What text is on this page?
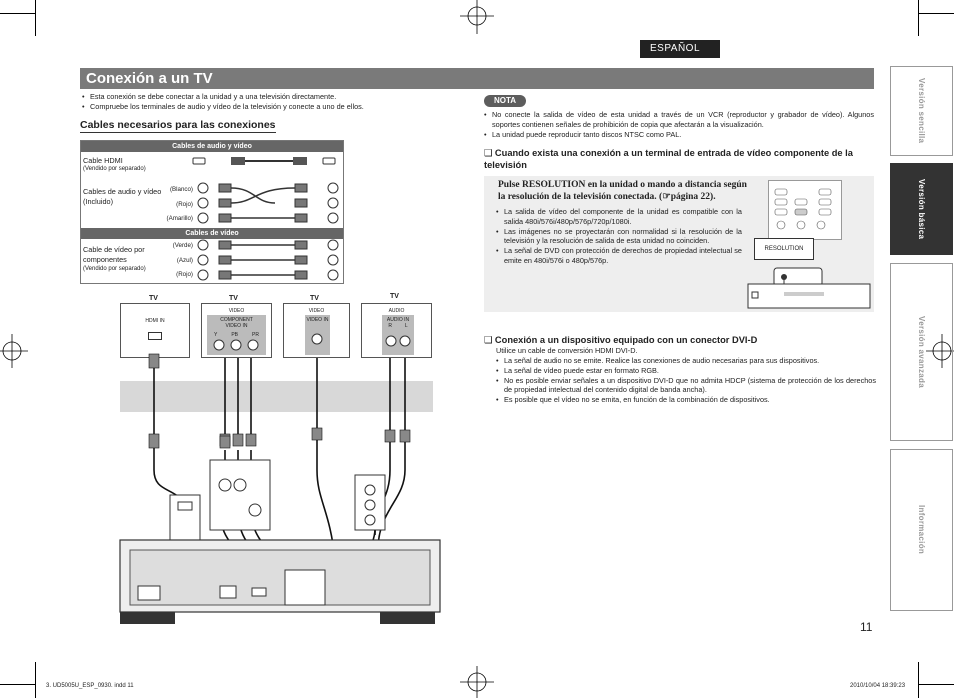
ESPAÑOL
Conexión a un TV
• Esta conexión se debe conectar a la unidad y a una televisión directamente.
• Compruebe los terminales de audio y vídeo de la televisión y conecte a uno de ellos.
Cables necesarios para las conexiones
Cables de audio y vídeo
Cable HDMI
(Vendido por separado)
Cables de audio y vídeo (Incluido)
(Blanco)
(Rojo)
(Amarillo)
Cables de vídeo
Cable de vídeo por componentes
(Vendido por separado)
(Verde)
(Azul)
(Rojo)
TV
HDMI IN
TV
VIDEO
COMPONENT VIDEO IN
Y	PB	PR
TV
VIDEO
VIDEO IN
TV
AUDIO
AUDIO IN
R	L
NOTA
• No conecte la salida de vídeo de esta unidad a través de un VCR (reproductor y grabador de vídeo). Algunos soportes contienen señales de prohibición de copia que afectarán a la visualización.
• La unidad puede reproducir tanto discos NTSC como PAL.
❑ Cuando exista una conexión a un terminal de entrada de vídeo componente de la televisión
Pulse RESOLUTION en la unidad o mando a distancia según la resolución de la televisión conectada. (☞página 22).
• La salida de vídeo del componente de la unidad es compatible con la salida 480i/576i/480p/576p/720p/1080i.
• Las imágenes no se proyectarán con normalidad si la resolución de la televisión y la resolución de salida de esta unidad no coinciden.
• La señal de DVD con protección de derechos de propiedad intelectual se emite en 480i/576i o 480p/576p.
RESOLUTION
❑ Conexión a un dispositivo equipado con un conector DVI-D
Utilice un cable de conversión HDMI DVI-D.
• La señal de audio no se emite. Realice las conexiones de audio necesarias para sus dispositivos.
• La señal de vídeo puede estar en formato RGB.
• No es posible enviar señales a un dispositivo DVI-D que no admita HDCP (sistema de protección de los derechos de propiedad intelectual del contenido digital de banda ancha).
• Es posible que el vídeo no se emita, en función de la combinación de dispositivos.
Versión sencilla
Versión básica
Versión avanzada
Información
11
3. UD5005U_ESP_0930. indd 11	2010/10/04 18:39:23
